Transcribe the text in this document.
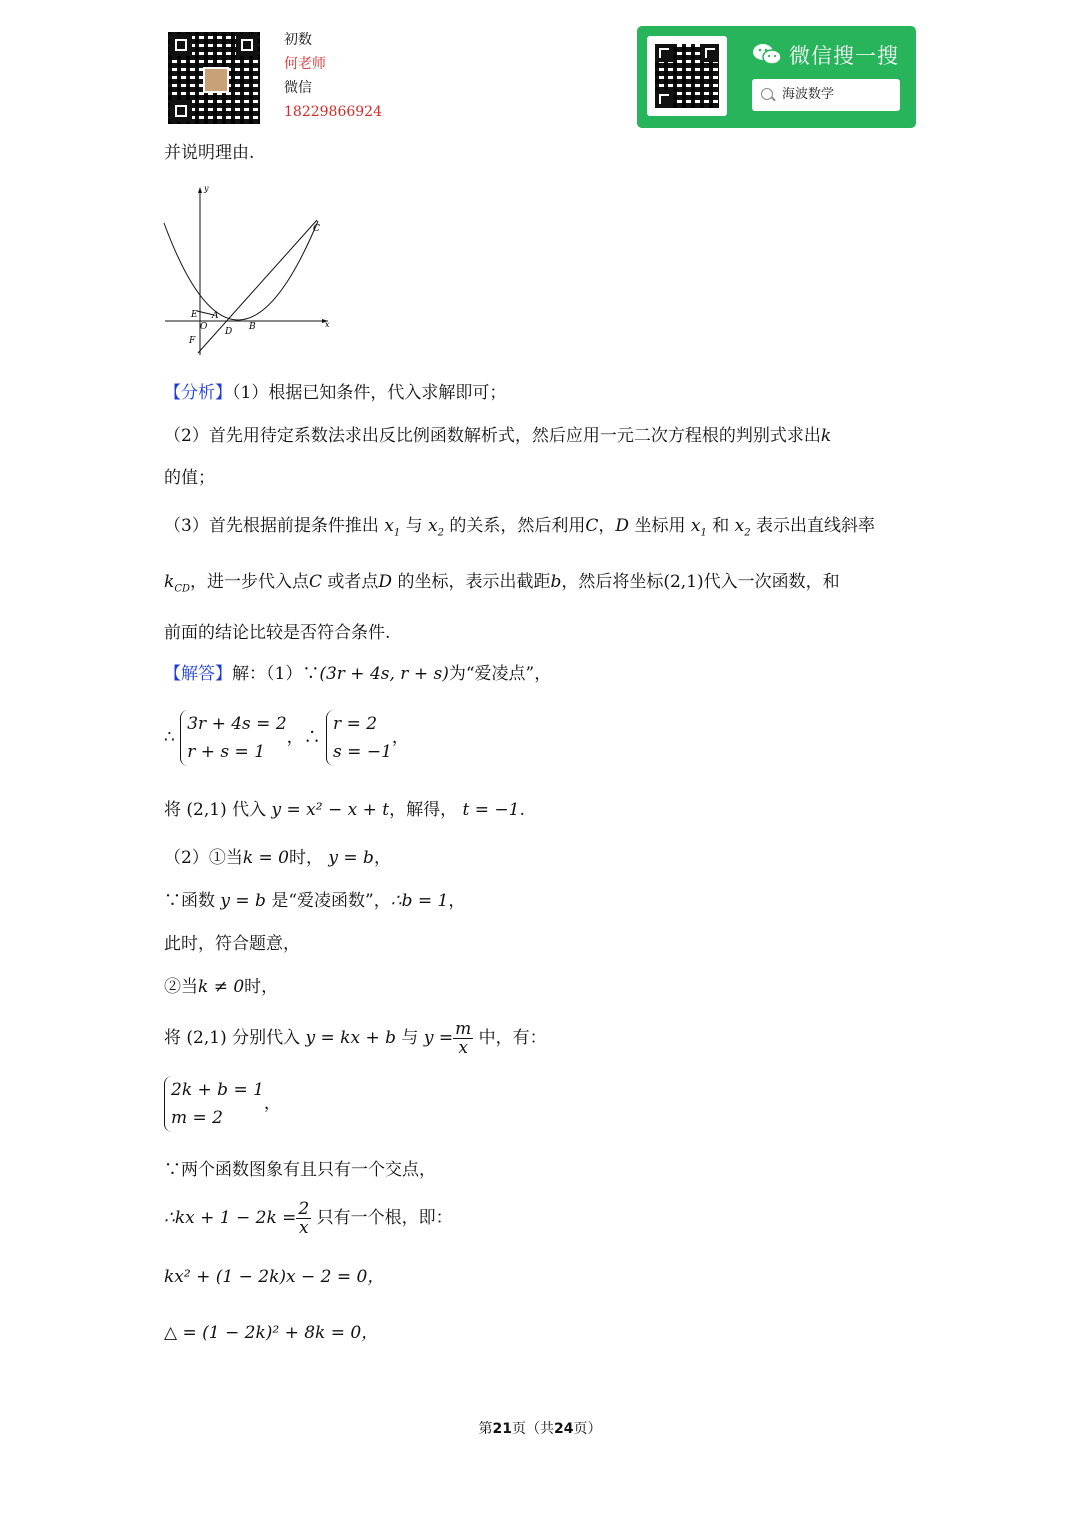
初数
何老师
微信
18229866924
微信搜一搜
海波数学
并说明理由.
y
x
C
E A
O D B
F
【分析】（1）根据已知条件，代入求解即可；
（2）首先用待定系数法求出反比例函数解析式，然后应用一元二次方程根的判别式求出k
的值；
（3）首先根据前提条件推出 $x_1$ 与 $x_2$ 的关系，然后利用C，D 坐标用 $x_1$ 和 $x_2$ 表示出直线斜率
$k_{CD}$，进一步代入点C 或者点D 的坐标，表示出截距b，然后将坐标(2,1)代入一次函数，和
前面的结论比较是否符合条件.
【解答】解：（1）∵(3r + 4s, r + s)为“爱凌点”，
∴ 3r + 4s = 2
r + s = 1，∴ r = 2
s = −1，
将 (2,1) 代入 y = x² − x + t，解得， t = −1.
（2）①当k = 0时， y = b，
∵函数 y = b 是“爱凌函数”，∴b = 1，
此时，符合题意，
②当k ≠ 0时，
将 (2,1) 分别代入 y = kx + b 与 $y = \frac{m}{x}$ 中，有：
2k + b = 1
m = 2，
∵两个函数图象有且只有一个交点，
∴kx + $1 - 2k = \frac{2}{x}$ 只有一个根，即：
kx² + (1 − 2k)x − 2 = 0，
△ = (1 − 2k)² + 8k = 0，
第21页（共24页）
